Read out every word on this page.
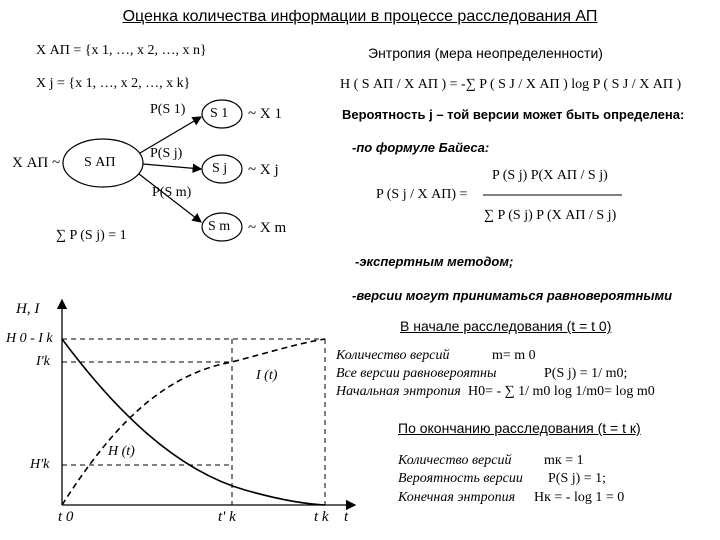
Оценка количества информации в процессе расследования АП
X АП = {x 1, …, x 2, …, x n}
X j = {x 1, …, x 2, …, x k}
Энтропия (мера неопределенности)
H ( S АП / X АП ) = -∑ P ( S J / X АП ) log P ( S J / X АП )
X АП ~ S АП
P(S 1)
P(S j)
P(S m)
S 1
S j
S m
~ X 1
~ X j
~ X m
∑ P (S j) = 1
Вероятность j – той версии может быть определена:
-по формуле Байеса:
P (S j / X АП) =
P (S j) P(X АП / S j)
∑ P (S j) P (X АП / S j)
-экспертным методом;
-версии могут приниматься равновероятными
H, I
H 0 - I k
I'k
H'k
I (t)
H (t)
t 0	t' k	t k t
В начале расследования (t = t 0)
Количество версий	m= m 0
Все версии равновероятны	P(S j) = 1/ m0;
Начальная энтропия H0= - ∑ 1/ m0 log 1/m0= log m0
По окончанию расследования (t = t к)
Количество версий mк = 1
Вероятность версии P(S j) = 1;
Конечная энтропия Hк = - log 1 = 0
